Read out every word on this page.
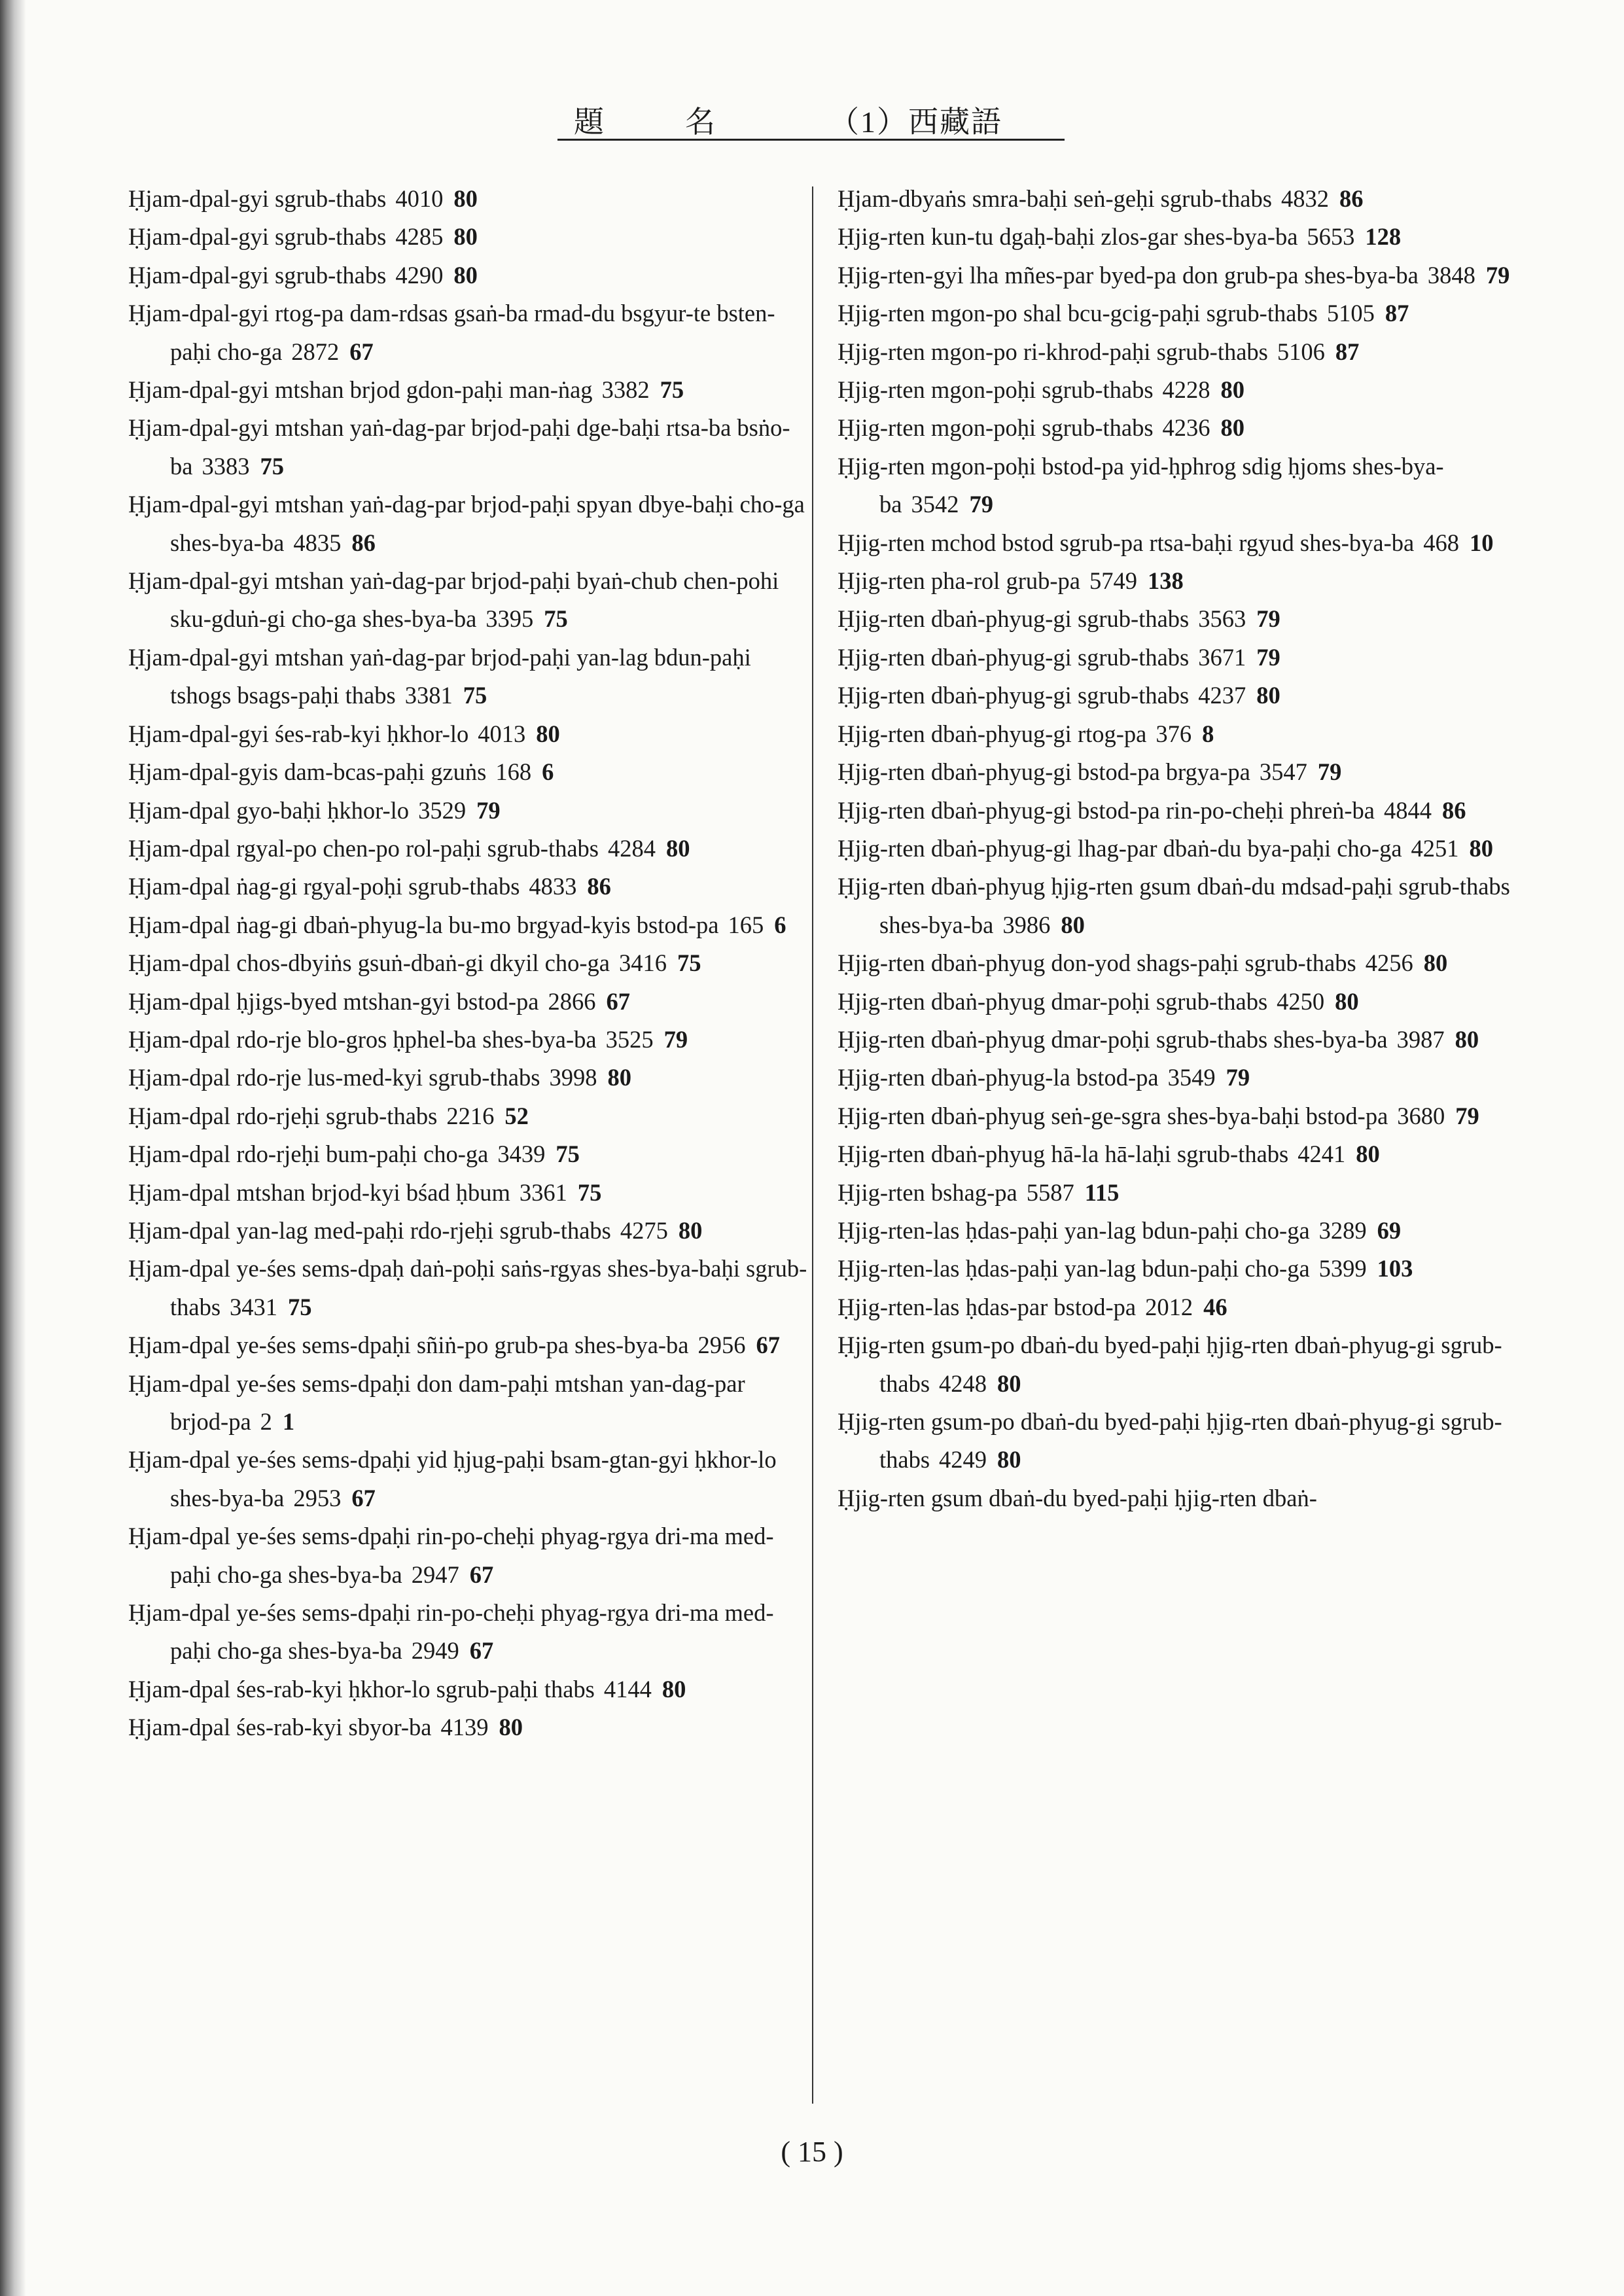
題	名	（1）西藏語

Ḥjam-dpal-gyi sgrub-thabs 4010 80

Ḥjam-dpal-gyi sgrub-thabs 4285 80

Ḥjam-dpal-gyi sgrub-thabs 4290 80

Ḥjam-dpal-gyi rtog-pa dam-rdsas gsaṅ-ba rmad-du bsgyur-te bsten-paḥi cho-ga 2872 67

Ḥjam-dpal-gyi mtshan brjod gdon-paḥi man-ṅag 3382 75

Ḥjam-dpal-gyi mtshan yaṅ-dag-par brjod-paḥi dge-baḥi rtsa-ba bsṅo-ba 3383 75

Ḥjam-dpal-gyi mtshan yaṅ-dag-par brjod-paḥi spyan dbye-baḥi cho-ga shes-bya-ba 4835 86

Ḥjam-dpal-gyi mtshan yaṅ-dag-par brjod-paḥi byaṅ-chub chen-pohi sku-gduṅ-gi cho-ga shes-bya-ba 3395 75

Ḥjam-dpal-gyi mtshan yaṅ-dag-par brjod-paḥi yan-lag bdun-paḥi tshogs bsags-paḥi thabs 3381 75

Ḥjam-dpal-gyi śes-rab-kyi ḥkhor-lo 4013 80

Ḥjam-dpal-gyis dam-bcas-paḥi gzuṅs 168 6

Ḥjam-dpal gyo-baḥi ḥkhor-lo 3529 79

Ḥjam-dpal rgyal-po chen-po rol-paḥi sgrub-thabs 4284 80

Ḥjam-dpal ṅag-gi rgyal-poḥi sgrub-thabs 4833 86

Ḥjam-dpal ṅag-gi dbaṅ-phyug-la bu-mo brgyad-kyis bstod-pa 165 6

Ḥjam-dpal chos-dbyiṅs gsuṅ-dbaṅ-gi dkyil cho-ga 3416 75

Ḥjam-dpal ḥjigs-byed mtshan-gyi bstod-pa 2866 67

Ḥjam-dpal rdo-rje blo-gros ḥphel-ba shes-bya-ba 3525 79

Ḥjam-dpal rdo-rje lus-med-kyi sgrub-thabs 3998 80

Ḥjam-dpal rdo-rjeḥi sgrub-thabs 2216 52

Ḥjam-dpal rdo-rjeḥi bum-paḥi cho-ga 3439 75

Ḥjam-dpal mtshan brjod-kyi bśad ḥbum 3361 75

Ḥjam-dpal yan-lag med-paḥi rdo-rjeḥi sgrub-thabs 4275 80

Ḥjam-dpal ye-śes sems-dpaḥ daṅ-poḥi saṅs-rgyas shes-bya-baḥi sgrub-thabs 3431 75

Ḥjam-dpal ye-śes sems-dpaḥi sñiṅ-po grub-pa shes-bya-ba 2956 67

Ḥjam-dpal ye-śes sems-dpaḥi don dam-paḥi mtshan yan-dag-par brjod-pa 2 1

Ḥjam-dpal ye-śes sems-dpaḥi yid ḥjug-paḥi bsam-gtan-gyi ḥkhor-lo shes-bya-ba 2953 67

Ḥjam-dpal ye-śes sems-dpaḥi rin-po-cheḥi phyag-rgya dri-ma med-paḥi cho-ga shes-bya-ba 2947 67

Ḥjam-dpal ye-śes sems-dpaḥi rin-po-cheḥi phyag-rgya dri-ma med-paḥi cho-ga shes-bya-ba 2949 67

Ḥjam-dpal śes-rab-kyi ḥkhor-lo sgrub-paḥi thabs 4144 80

Ḥjam-dpal śes-rab-kyi sbyor-ba 4139 80

Ḥjam-dbyaṅs smra-baḥi seṅ-geḥi sgrub-thabs 4832 86

Ḥjig-rten kun-tu dgaḥ-baḥi zlos-gar shes-bya-ba 5653 128

Ḥjig-rten-gyi lha mñes-par byed-pa don grub-pa shes-bya-ba 3848 79

Ḥjig-rten mgon-po shal bcu-gcig-paḥi sgrub-thabs 5105 87

Ḥjig-rten mgon-po ri-khrod-paḥi sgrub-thabs 5106 87

Ḥjig-rten mgon-poḥi sgrub-thabs 4228 80

Ḥjig-rten mgon-poḥi sgrub-thabs 4236 80

Ḥjig-rten mgon-poḥi bstod-pa yid-ḥphrog sdig ḥjoms shes-bya-ba 3542 79

Ḥjig-rten mchod bstod sgrub-pa rtsa-baḥi rgyud shes-bya-ba 468 10

Ḥjig-rten pha-rol grub-pa 5749 138

Ḥjig-rten dbaṅ-phyug-gi sgrub-thabs 3563 79

Ḥjig-rten dbaṅ-phyug-gi sgrub-thabs 3671 79

Ḥjig-rten dbaṅ-phyug-gi sgrub-thabs 4237 80

Ḥjig-rten dbaṅ-phyug-gi rtog-pa 376 8

Ḥjig-rten dbaṅ-phyug-gi bstod-pa brgya-pa 3547 79

Ḥjig-rten dbaṅ-phyug-gi bstod-pa rin-po-cheḥi phreṅ-ba 4844 86

Ḥjig-rten dbaṅ-phyug-gi lhag-par dbaṅ-du bya-paḥi cho-ga 4251 80

Ḥjig-rten dbaṅ-phyug ḥjig-rten gsum dbaṅ-du mdsad-paḥi sgrub-thabs shes-bya-ba 3986 80

Ḥjig-rten dbaṅ-phyug don-yod shags-paḥi sgrub-thabs 4256 80

Ḥjig-rten dbaṅ-phyug dmar-poḥi sgrub-thabs 4250 80

Ḥjig-rten dbaṅ-phyug dmar-poḥi sgrub-thabs shes-bya-ba 3987 80

Ḥjig-rten dbaṅ-phyug-la bstod-pa 3549 79

Ḥjig-rten dbaṅ-phyug seṅ-ge-sgra shes-bya-baḥi bstod-pa 3680 79

Ḥjig-rten dbaṅ-phyug hā-la hā-laḥi sgrub-thabs 4241 80

Ḥjig-rten bshag-pa 5587 115

Ḥjig-rten-las ḥdas-paḥi yan-lag bdun-paḥi cho-ga 3289 69

Ḥjig-rten-las ḥdas-paḥi yan-lag bdun-paḥi cho-ga 5399 103

Ḥjig-rten-las ḥdas-par bstod-pa 2012 46

Ḥjig-rten gsum-po dbaṅ-du byed-paḥi ḥjig-rten dbaṅ-phyug-gi sgrub-thabs 4248 80

Ḥjig-rten gsum-po dbaṅ-du byed-paḥi ḥjig-rten dbaṅ-phyug-gi sgrub-thabs 4249 80

Ḥjig-rten gsum dbaṅ-du byed-paḥi ḥjig-rten dbaṅ-

( 15 )
